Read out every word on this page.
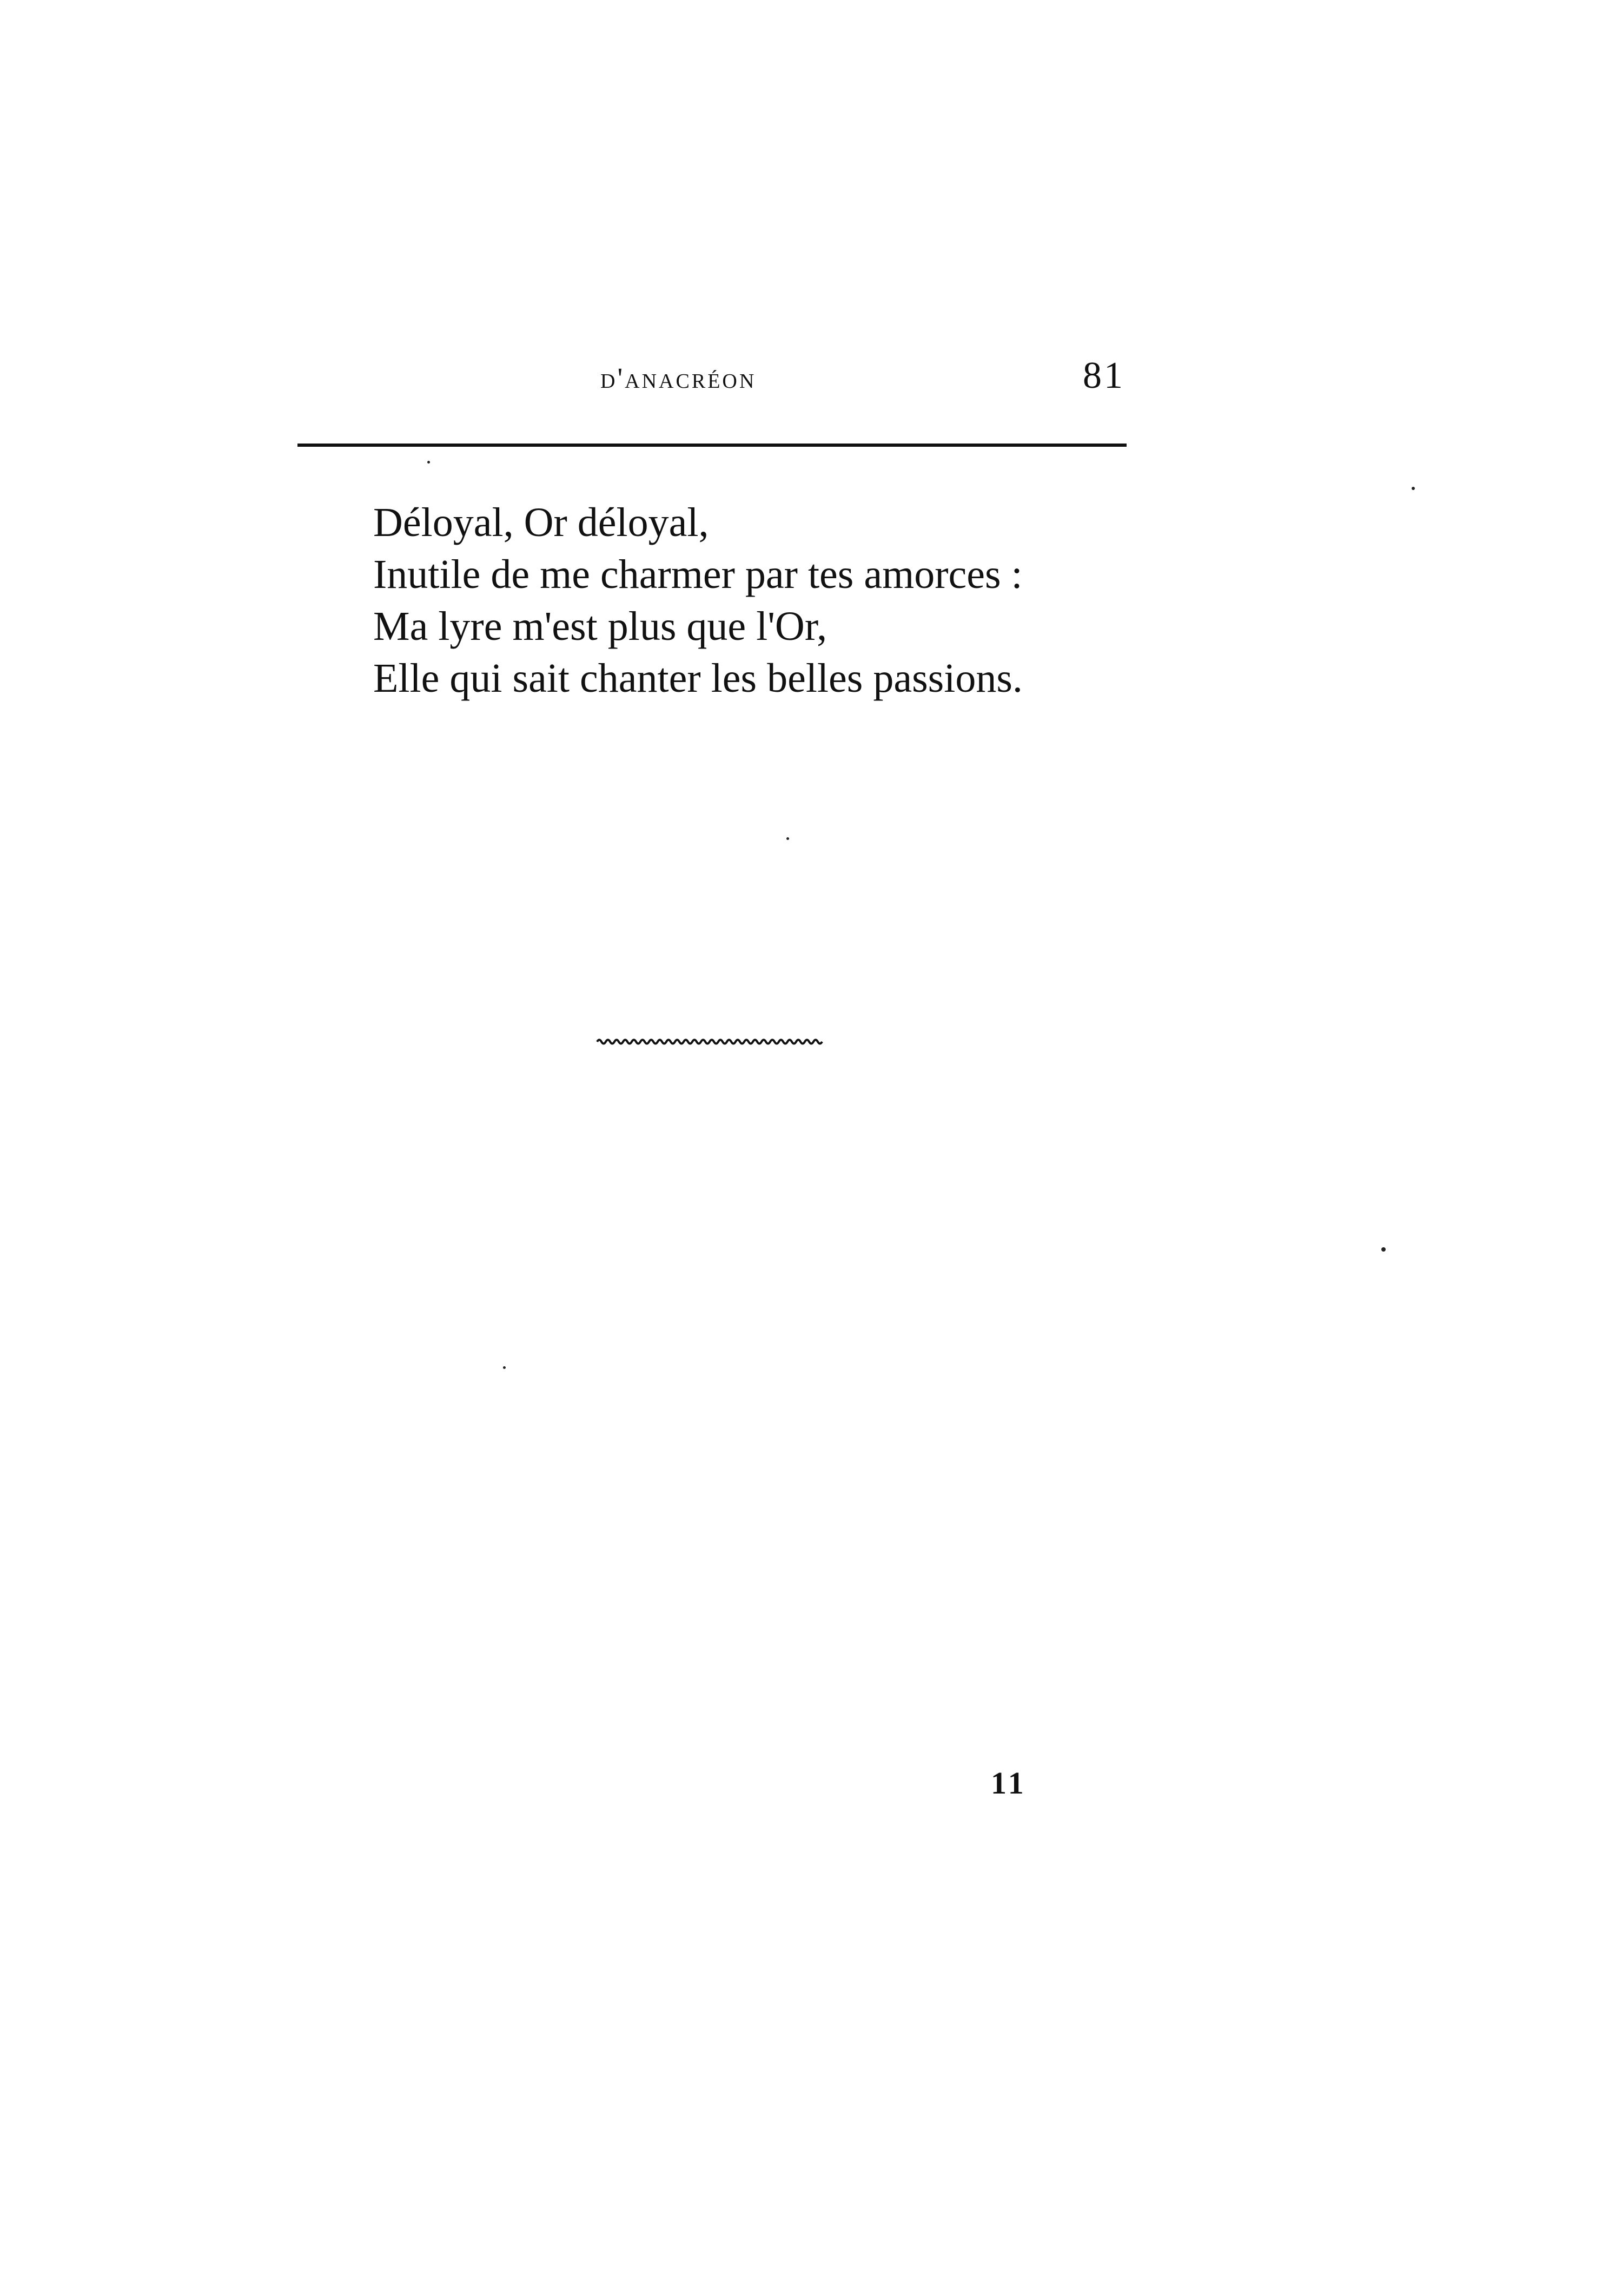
d'anacréon	81

Déloyal, Or déloyal,

Inutile de me charmer par tes amorces :

Ma lyre m'est plus que l'Or,

Elle qui sait chanter les belles passions.

11
